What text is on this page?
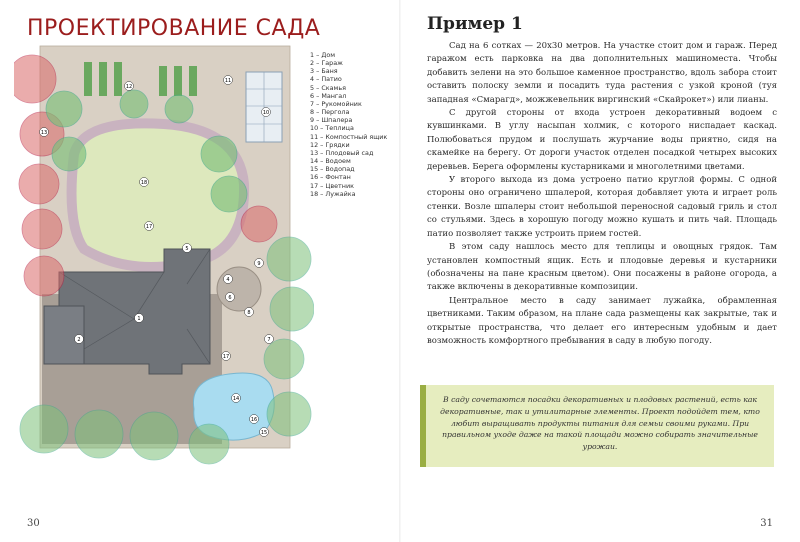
ПРОЕКТИРОВАНИЕ САДА
1
2
4
5
6
7
8
9
10
11
12
13
14
15
16
17
17
18
1 – Дом
2 – Гараж
3 – Баня
4 – Патио
5 – Скамья
6 – Мангал
7 – Рукомойник
8 – Пергола
9 – Шпалера
10 – Теплица
11 – Компостный ящик
12 – Грядки
13 – Плодовый сад
14 – Водоем
15 – Водопад
16 – Фонтан
17 – Цветник
18 – Лужайка
30
Пример 1

Сад на 6 сотках — 20х30 метров. На участке стоит дом и гараж. Перед гаражом есть парковка на два дополнительных машиноместа. Чтобы добавить зелени на это большое каменное пространство, вдоль забора стоит оставить полоску земли и посадить туда растения с узкой кроной (туя западная «Смарагд», можжевельник виргинский «Скайрокет») или лианы.

С другой стороны от входа устроен декоративный водоем с кувшинками. В углу насыпан холмик, с которого ниспадает каскад. Полюбоваться прудом и послушать журчание воды приятно, сидя на скамейке на берегу. От дороги участок отделен посадкой четырех высоких деревьев. Берега оформлены кустарниками и многолетними цветами.

У второго выхода из дома устроено патио круглой формы. С одной стороны оно ограничено шпалерой, которая добавляет уюта и играет роль стенки. Возле шпалеры стоит небольшой переносной садовый гриль и стол со стульями. Здесь в хорошую погоду можно кушать и пить чай. Площадь патио позволяет также устроить прием гостей.

В этом саду нашлось место для теплицы и овощных грядок. Там установлен компостный ящик. Есть и плодовые деревья и кустарники (обозначены на пане красным цветом). Они посажены в районе огорода, а также включены в декоративные композиции.

Центральное место в саду занимает лужайка, обрамленная цветниками. Таким образом, на плане сада размещены как закрытые, так и открытые пространства, что делает его интересным удобным и дает возможность комфортного пребывания в саду в любую погоду.

В саду сочетаются посадки декоративных и плодовых растений, есть как декоративные, так и утилитарные элементы. Проект подойдет тем, кто любит выращивать продукты питания для семьи своими руками. При правильном уходе даже на такой площади можно собирать значительные урожаи.

31
